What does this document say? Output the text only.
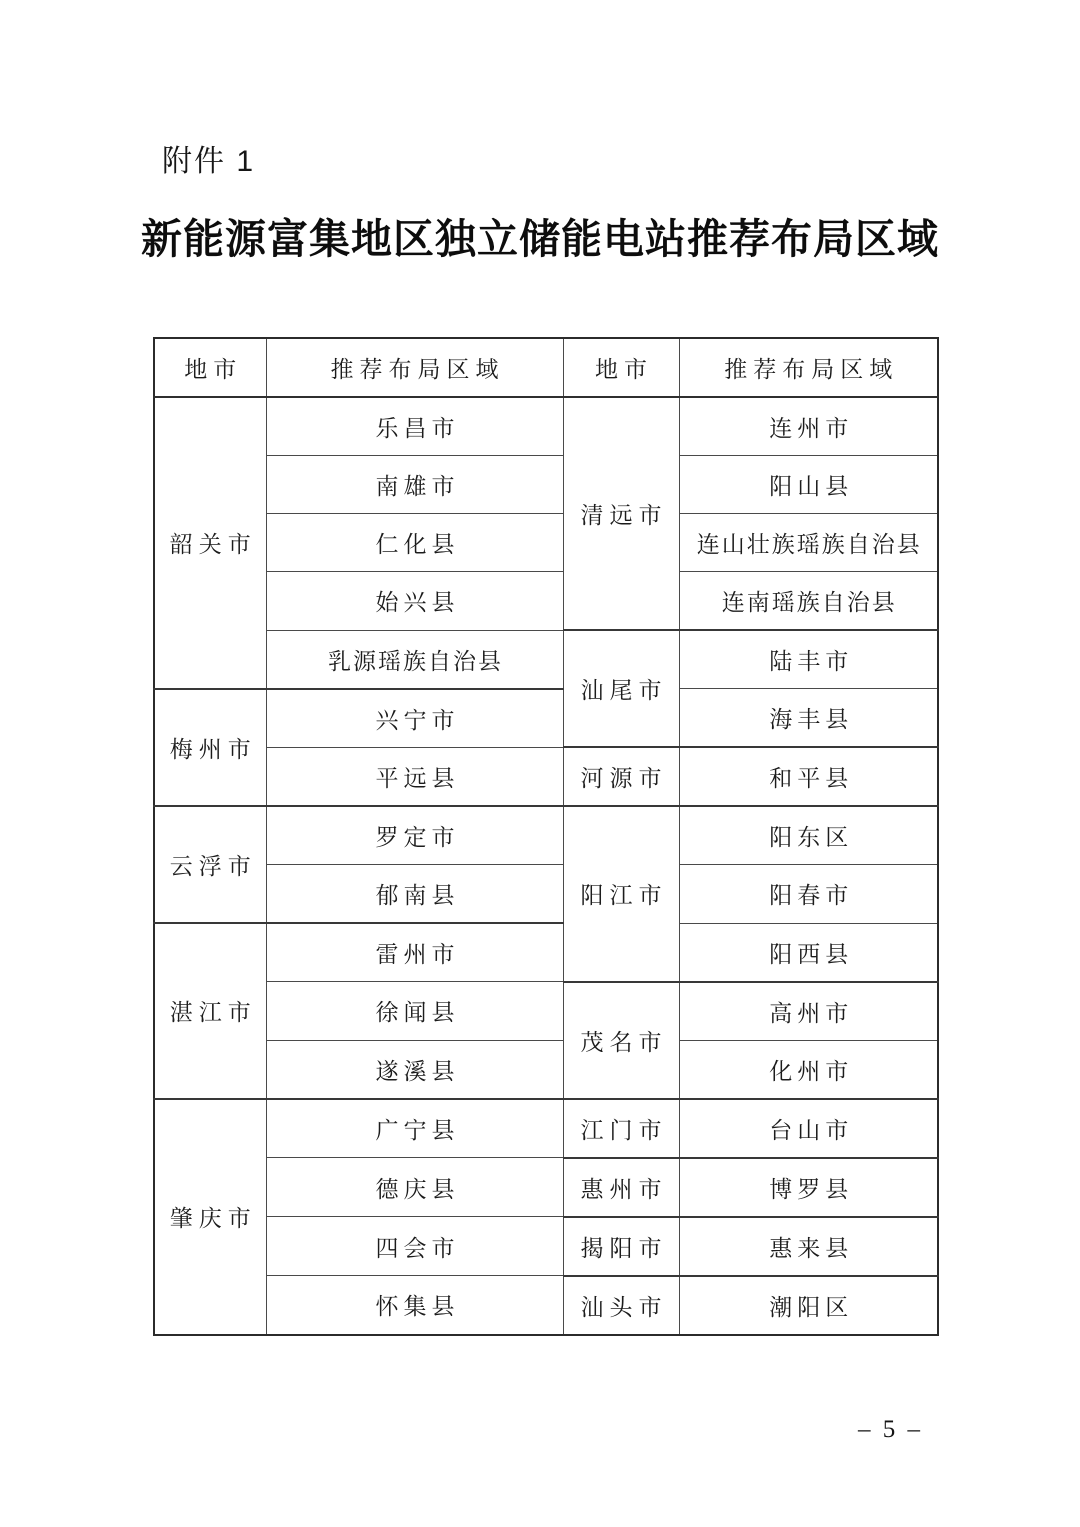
附件 1
新能源富集地区独立储能电站推荐布局区域
地市	推荐布局区域	地市	推荐布局区域
韶关市	乐昌市	清远市	连州市
	南雄市		阳山县
	仁化县		连山壮族瑶族自治县
	始兴县		连南瑶族自治县
	乳源瑶族自治县	汕尾市	陆丰市
梅州市	兴宁市		海丰县
	平远县	河源市	和平县
云浮市	罗定市	阳江市	阳东区
	郁南县		阳春市
湛江市	雷州市		阳西县
	徐闻县	茂名市	高州市
	遂溪县		化州市
肇庆市	广宁县	江门市	台山市
	德庆县	惠州市	博罗县
	四会市	揭阳市	惠来县
	怀集县	汕头市	潮阳区
– 5 –
